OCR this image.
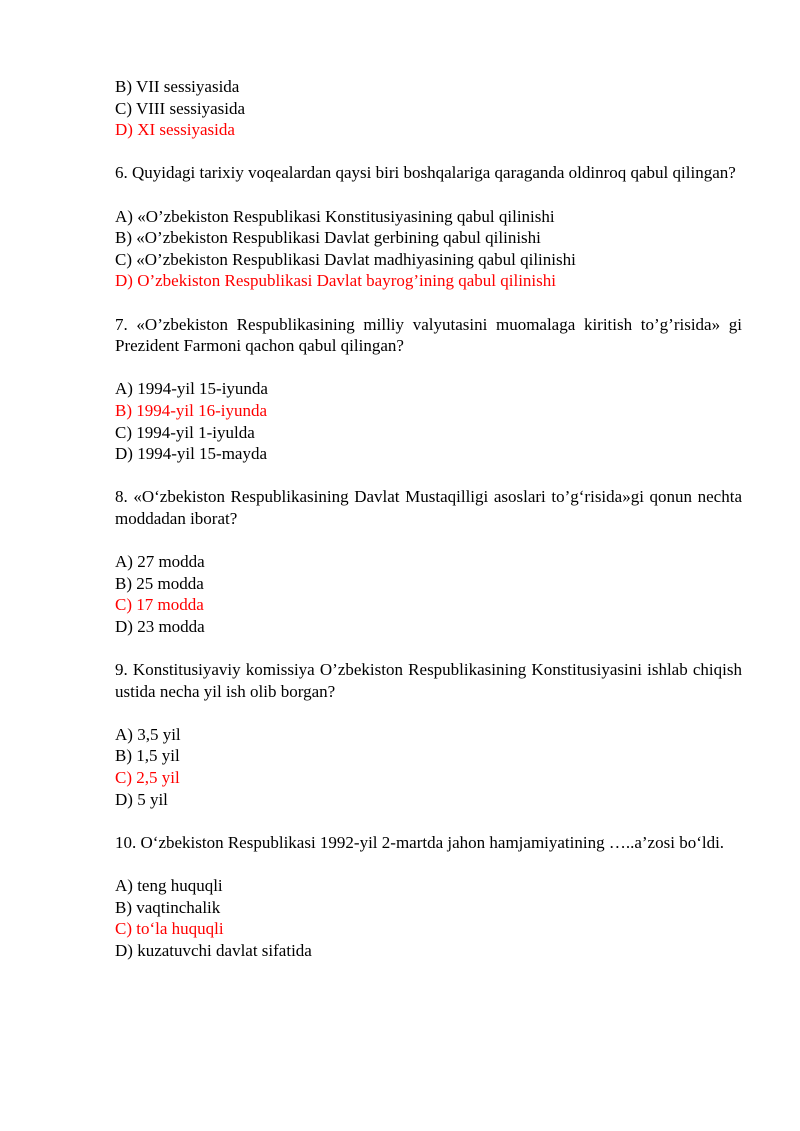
B) VII sessiyasida
C) VIII sessiyasida
D) XI sessiyasida
6. Quyidagi tarixiy voqealardan qaysi biri boshqalariga qaraganda oldinroq qabul qilingan?
A) «O’zbekiston Respublikasi Konstitusiyasining qabul qilinishi
B) «O’zbekiston Respublikasi Davlat gerbining qabul qilinishi
C) «O’zbekiston Respublikasi Davlat madhiyasining qabul qilinishi
D) O’zbekiston Respublikasi Davlat bayrog’ining qabul qilinishi
7. «O’zbekiston Respublikasining milliy valyutasini muomalaga kiritish to’g’risida» gi Prezident Farmoni qachon qabul qilingan?
A) 1994-yil 15-iyunda
B) 1994-yil 16-iyunda
C) 1994-yil 1-iyulda
D) 1994-yil 15-mayda
8. «O‘zbekiston Respublikasining Davlat Mustaqilligi asoslari to’g‘risida»gi qonun nechta moddadan iborat?
A) 27 modda
B) 25 modda
C) 17 modda
D) 23 modda
9. Konstitusiyaviy komissiya O’zbekiston Respublikasining Konstitusiyasini ishlab chiqish ustida necha yil ish olib borgan?
A) 3,5 yil
B) 1,5 yil
C) 2,5 yil
D) 5 yil
10. O‘zbekiston Respublikasi 1992-yil 2-martda jahon hamjamiyatining …..a’zosi bo‘ldi.
A) teng huquqli
B) vaqtinchalik
C) to‘la huquqli
D) kuzatuvchi davlat sifatida
